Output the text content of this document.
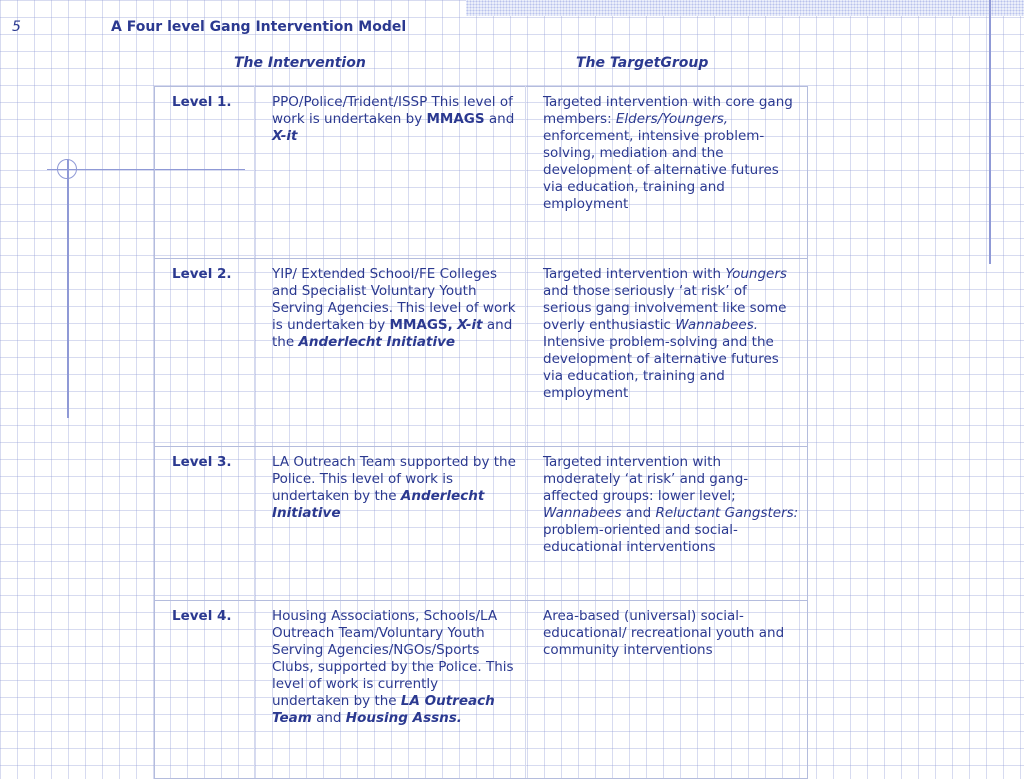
5	A Four level Gang Intervention Model
The Intervention	The TargetGroup
Level 1.	PPO/Police/Trident/ISSP This level of work is undertaken by MMAGS and X-it	Targeted intervention with core gang members: Elders/Youngers, enforcement, intensive problem-solving, mediation and the development of alternative futures via education, training and employment
Level 2.	YIP/ Extended School/FE Colleges and Specialist Voluntary Youth Serving Agencies. This level of work is undertaken by MMAGS, X-it and the Anderlecht Initiative	Targeted intervention with Youngers and those seriously ‘at risk’ of serious gang involvement like some overly enthusiastic Wannabees. Intensive problem-solving and the development of alternative futures via education, training and employment
Level 3.	LA Outreach Team supported by the Police. This level of work is undertaken by the Anderlecht Initiative	Targeted intervention with moderately ‘at risk’ and gang-affected groups: lower level; Wannabees and Reluctant Gangsters: problem-oriented and social-educational interventions
Level 4.	Housing Associations, Schools/LA Outreach Team/Voluntary Youth Serving Agencies/NGOs/Sports Clubs, supported by the Police. This level of work is currently undertaken by the LA Outreach Team and Housing Assns.	Area-based (universal) social-educational/ recreational youth and community interventions
